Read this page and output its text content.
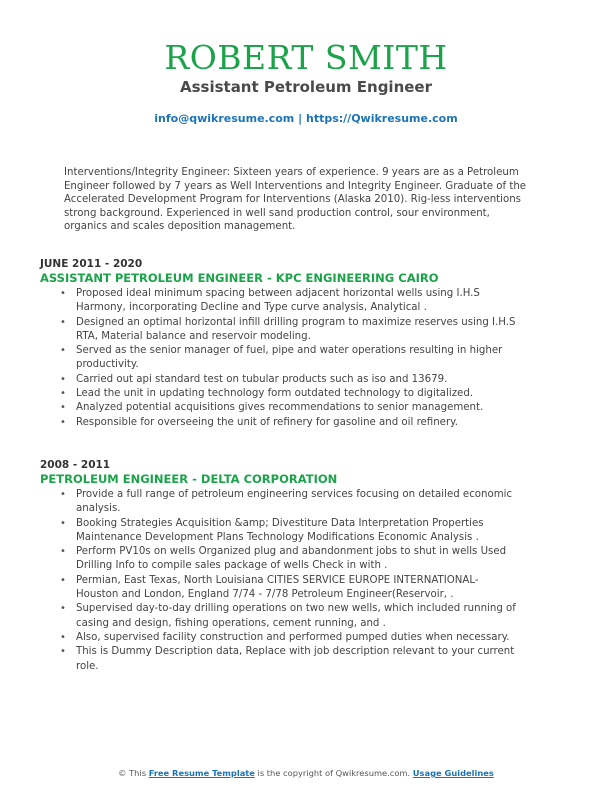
ROBERT SMITH
Assistant Petroleum Engineer
info@qwikresume.com | https://Qwikresume.com
Interventions/Integrity Engineer: Sixteen years of experience. 9 years are as a Petroleum Engineer followed by 7 years as Well Interventions and Integrity Engineer. Graduate of the Accelerated Development Program for Interventions (Alaska 2010). Rig-less interventions strong background. Experienced in well sand production control, sour environment, organics and scales deposition management.
JUNE 2011 - 2020
ASSISTANT PETROLEUM ENGINEER - KPC ENGINEERING CAIRO
• Proposed ideal minimum spacing between adjacent horizontal wells using I.H.S Harmony, incorporating Decline and Type curve analysis, Analytical .
• Designed an optimal horizontal infill drilling program to maximize reserves using I.H.S RTA, Material balance and reservoir modeling.
• Served as the senior manager of fuel, pipe and water operations resulting in higher productivity.
• Carried out api standard test on tubular products such as iso and 13679.
• Lead the unit in updating technology form outdated technology to digitalized.
• Analyzed potential acquisitions gives recommendations to senior management.
• Responsible for overseeing the unit of refinery for gasoline and oil refinery.
2008 - 2011
PETROLEUM ENGINEER - DELTA CORPORATION
• Provide a full range of petroleum engineering services focusing on detailed economic analysis.
• Booking Strategies Acquisition &amp; Divestiture Data Interpretation Properties Maintenance Development Plans Technology Modifications Economic Analysis .
• Perform PV10s on wells Organized plug and abandonment jobs to shut in wells Used Drilling Info to compile sales package of wells Check in with .
• Permian, East Texas, North Louisiana CITIES SERVICE EUROPE INTERNATIONAL- Houston and London, England 7/74 - 7/78 Petroleum Engineer(Reservoir, .
• Supervised day-to-day drilling operations on two new wells, which included running of casing and design, fishing operations, cement running, and .
• Also, supervised facility construction and performed pumped duties when necessary.
• This is Dummy Description data, Replace with job description relevant to your current role.
© This Free Resume Template is the copyright of Qwikresume.com. Usage Guidelines
